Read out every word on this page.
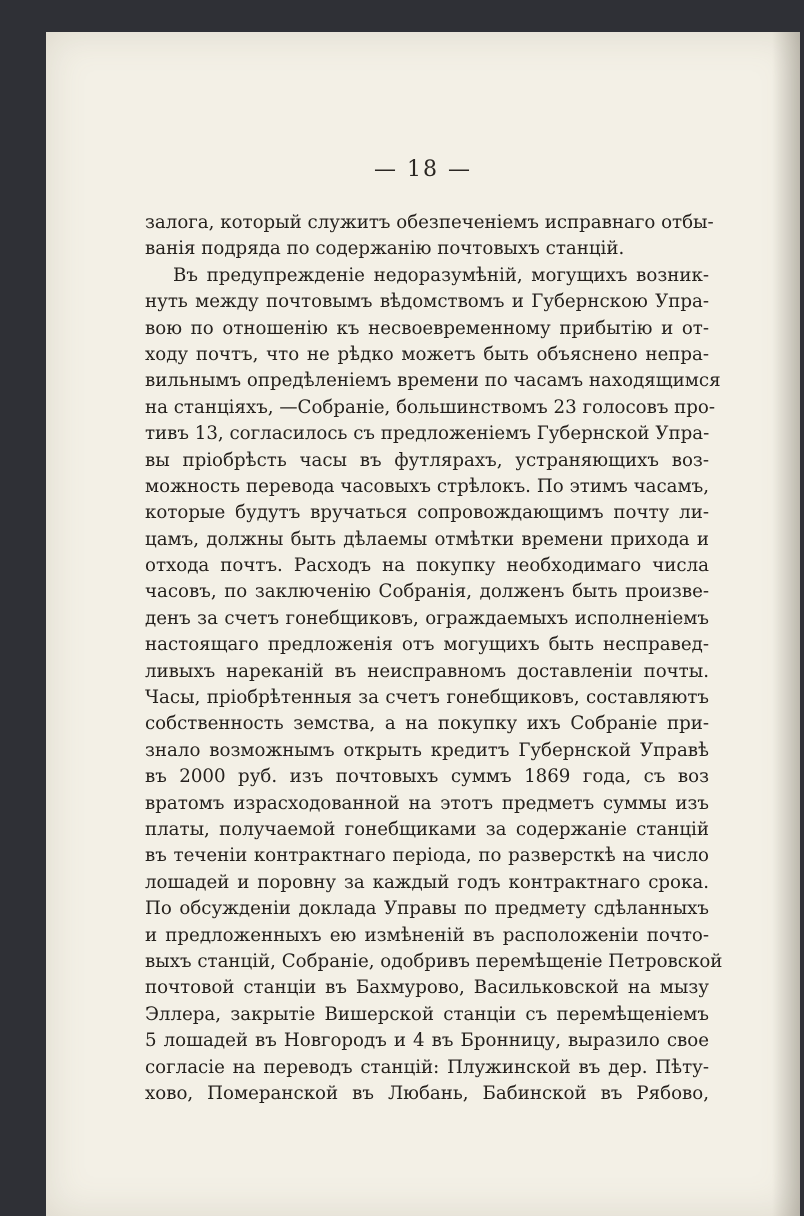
— 18 —
залога, который служитъ обезпеченіемъ исправнаго отбы-
ванія подряда по содержанію почтовыхъ станцій.
Въ предупрежденіе недоразумѣній, могущихъ возник-
нуть между почтовымъ вѣдомствомъ и Губернскою Упра-
вою по отношенію къ несвоевременному прибытію и от-
ходу почтъ, что не рѣдко можетъ быть объяснено непра-
вильнымъ опредѣленіемъ времени по часамъ находящимся
на станціяхъ, —Собраніе, большинствомъ 23 голосовъ про-
тивъ 13, согласилось съ предложеніемъ Губернской Упра-
вы пріобрѣсть часы въ футлярахъ, устраняющихъ воз-
можность перевода часовыхъ стрѣлокъ. По этимъ часамъ,
которые будутъ вручаться сопровождающимъ почту ли-
цамъ, должны быть дѣлаемы отмѣтки времени прихода и
отхода почтъ. Расходъ на покупку необходимаго числа
часовъ, по заключенію Собранія, долженъ быть произве-
денъ за счетъ гонебщиковъ, ограждаемыхъ исполненіемъ
настоящаго предложенія отъ могущихъ быть несправед-
ливыхъ нареканій въ неисправномъ доставленіи почты.
Часы, пріобрѣтенныя за счетъ гонебщиковъ, составляютъ
собственность земства, а на покупку ихъ Собраніе при-
знало возможнымъ открыть кредитъ Губернской Управѣ
въ 2000 руб. изъ почтовыхъ суммъ 1869 года, съ воз
вратомъ израсходованной на этотъ предметъ суммы изъ
платы, получаемой гонебщиками за содержаніе станцій
въ теченіи контрактнаго періода, по разверсткѣ на число
лошадей и поровну за каждый годъ контрактнаго срока.
По обсужденіи доклада Управы по предмету сдѣланныхъ
и предложенныхъ ею измѣненій въ расположеніи почто-
выхъ станцій, Собраніе, одобривъ перемѣщеніе Петровской
почтовой станціи въ Бахмурово, Васильковской на мызу
Эллера, закрытіе Вишерской станціи съ перемѣщеніемъ
5 лошадей въ Новгородъ и 4 въ Бронницу, выразило свое
согласіе на переводъ станцій: Плужинской въ дер. Пѣту-
хово, Померанской въ Любань, Бабинской въ Рябово,
